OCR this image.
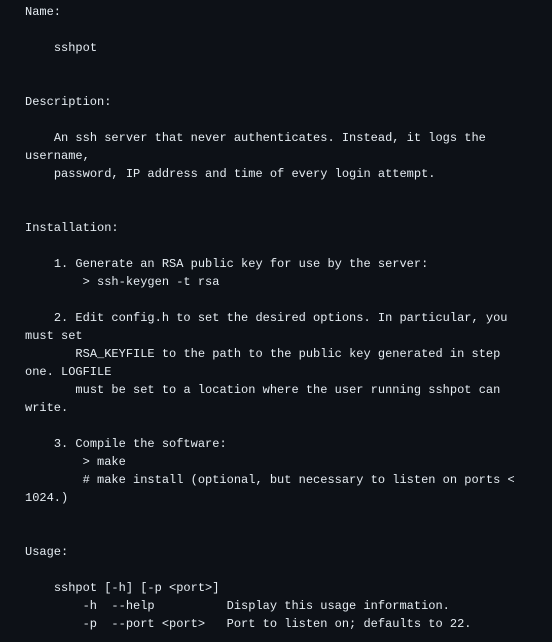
Name:

sshpot

Description:

An ssh server that never authenticates. Instead, it logs the username,
password, IP address and time of every login attempt.

Installation:

1. Generate an RSA public key for use by the server:
> ssh-keygen -t rsa

2. Edit config.h to set the desired options. In particular, you must set
RSA_KEYFILE to the path to the public key generated in step one. LOGFILE
must be set to a location where the user running sshpot can write.

3. Compile the software:
> make
# make install (optional, but necessary to listen on ports < 1024.)

Usage:

sshpot [-h] [-p <port>]
-h  --help          Display this usage information.
-p  --port <port>   Port to listen on; defaults to 22.
